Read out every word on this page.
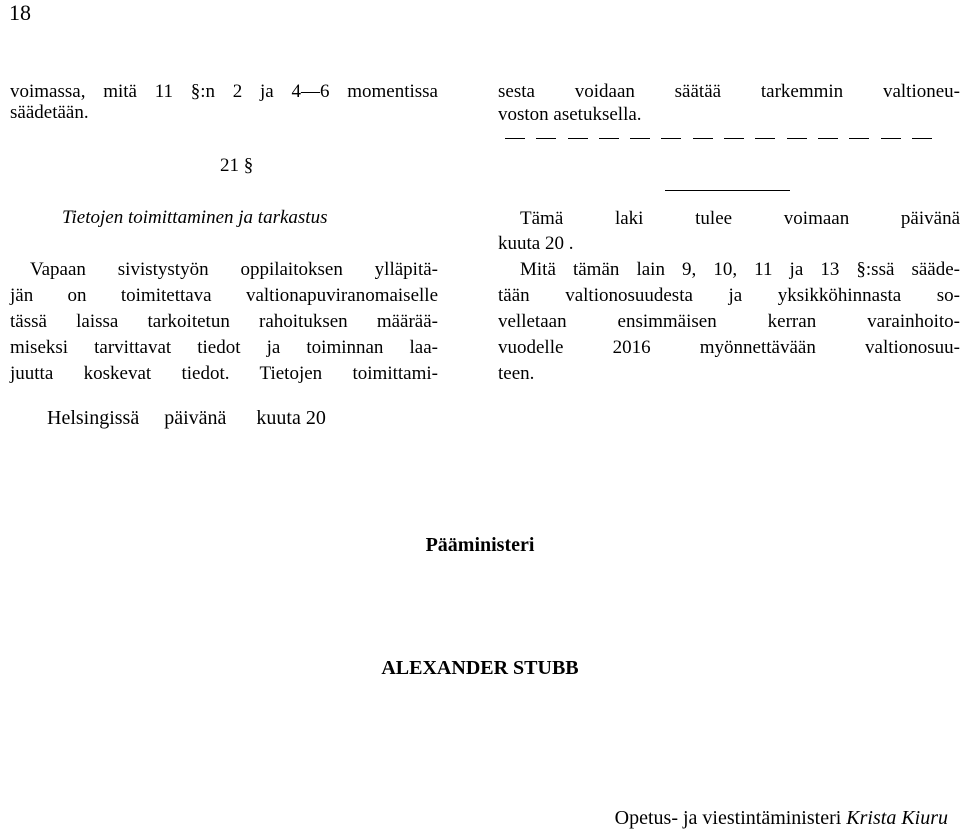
18
voimassa, mitä 11 §:n 2 ja 4—6 momentissa
säädetään.
21 §
Tietojen toimittaminen ja tarkastus
Vapaan sivistystyön oppilaitoksen ylläpitä-
jän on toimitettava valtionapuviranomaiselle
tässä laissa tarkoitetun rahoituksen määrää-
miseksi tarvittavat tiedot ja toiminnan laa-
juutta koskevat tiedot. Tietojen toimittami-
sesta voidaan säätää tarkemmin valtioneu-
voston asetuksella.
Tämä laki tulee voimaan päivänä
kuuta 20 .
Mitä tämän lain 9, 10, 11 ja 13 §:ssä sääde-
tään valtionosuudesta ja yksikköhinnasta so-
velletaan ensimmäisen kerran varainhoito-
vuodelle 2016 myönnettävään valtionosuu-
teen.
Helsingissä     päivänä      kuuta 20
Pääministeri
ALEXANDER STUBB
Opetus- ja viestintäministeri Krista Kiuru
